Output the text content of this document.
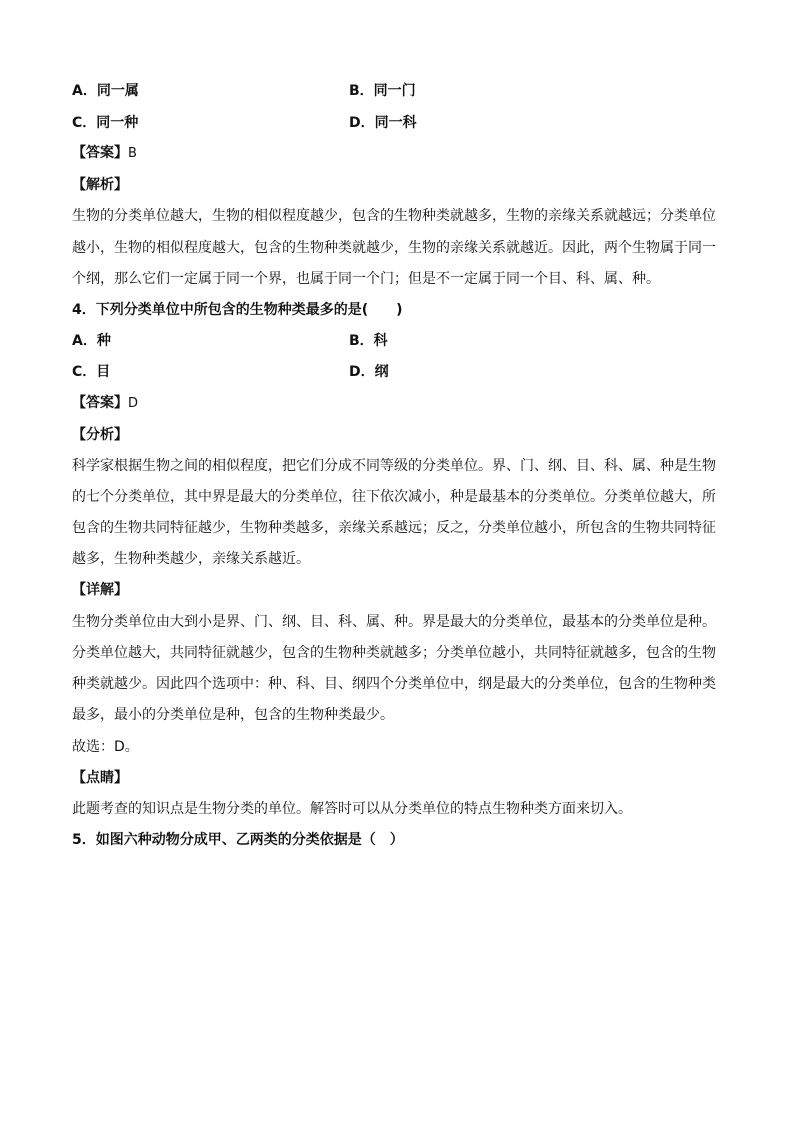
A．同一属	B．同一门
C．同一种	D．同一科
【答案】B
【解析】
生物的分类单位越大，生物的相似程度越少，包含的生物种类就越多，生物的亲缘关系就越远；分类单位
越小，生物的相似程度越大，包含的生物种类就越少，生物的亲缘关系就越近。因此，两个生物属于同一
个纲，那么它们一定属于同一个界，也属于同一个门；但是不一定属于同一个目、科、属、种。
4．下列分类单位中所包含的生物种类最多的是(　　)
A．种	B．科
C．目	D．纲
【答案】D
【分析】
科学家根据生物之间的相似程度，把它们分成不同等级的分类单位。界、门、纲、目、科、属、种是生物
的七个分类单位，其中界是最大的分类单位，往下依次减小，种是最基本的分类单位。分类单位越大，所
包含的生物共同特征越少，生物种类越多，亲缘关系越远；反之，分类单位越小，所包含的生物共同特征
越多，生物种类越少，亲缘关系越近。
【详解】
生物分类单位由大到小是界、门、纲、目、科、属、种。界是最大的分类单位，最基本的分类单位是种。
分类单位越大，共同特征就越少，包含的生物种类就越多；分类单位越小，共同特征就越多，包含的生物
种类就越少。因此四个选项中：种、科、目、纲四个分类单位中，纲是最大的分类单位，包含的生物种类
最多，最小的分类单位是种，包含的生物种类最少。
故选：D。
【点睛】
此题考查的知识点是生物分类的单位。解答时可以从分类单位的特点生物种类方面来切入。
5．如图六种动物分成甲、乙两类的分类依据是（　）
